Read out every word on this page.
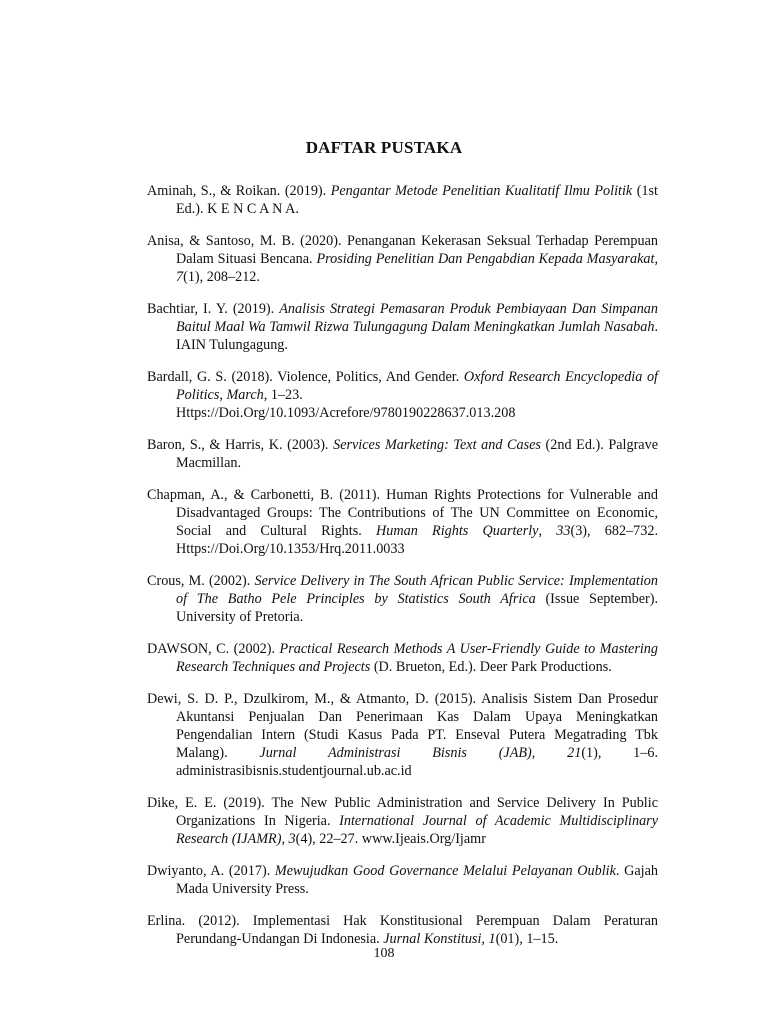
DAFTAR PUSTAKA

Aminah, S., & Roikan. (2019). Pengantar Metode Penelitian Kualitatif Ilmu Politik (1st Ed.). K E N C A N A.

Anisa, & Santoso, M. B. (2020). Penanganan Kekerasan Seksual Terhadap Perempuan Dalam Situasi Bencana. Prosiding Penelitian Dan Pengabdian Kepada Masyarakat, 7(1), 208–212.

Bachtiar, I. Y. (2019). Analisis Strategi Pemasaran Produk Pembiayaan Dan Simpanan Baitul Maal Wa Tamwil Rizwa Tulungagung Dalam Meningkatkan Jumlah Nasabah. IAIN Tulungagung.

Bardall, G. S. (2018). Violence, Politics, And Gender. Oxford Research Encyclopedia of Politics, March, 1–23.
Https://Doi.Org/10.1093/Acrefore/9780190228637.013.208

Baron, S., & Harris, K. (2003). Services Marketing: Text and Cases (2nd Ed.). Palgrave Macmillan.

Chapman, A., & Carbonetti, B. (2011). Human Rights Protections for Vulnerable and Disadvantaged Groups: The Contributions of The UN Committee on Economic, Social and Cultural Rights. Human Rights Quarterly, 33(3), 682–732. Https://Doi.Org/10.1353/Hrq.2011.0033

Crous, M. (2002). Service Delivery in The South African Public Service: Implementation of The Batho Pele Principles by Statistics South Africa (Issue September). University of Pretoria.

DAWSON, C. (2002). Practical Research Methods A User-Friendly Guide to Mastering Research Techniques and Projects (D. Brueton, Ed.). Deer Park Productions.

Dewi, S. D. P., Dzulkirom, M., & Atmanto, D. (2015). Analisis Sistem Dan Prosedur Akuntansi Penjualan Dan Penerimaan Kas Dalam Upaya Meningkatkan Pengendalian Intern (Studi Kasus Pada PT. Enseval Putera Megatrading Tbk Malang). Jurnal Administrasi Bisnis (JAB), 21(1), 1–6. administrasibisnis.studentjournal.ub.ac.id

Dike, E. E. (2019). The New Public Administration and Service Delivery In Public Organizations In Nigeria. International Journal of Academic Multidisciplinary Research (IJAMR), 3(4), 22–27. www.Ijeais.Org/Ijamr

Dwiyanto, A. (2017). Mewujudkan Good Governance Melalui Pelayanan Oublik. Gajah Mada University Press.

Erlina. (2012). Implementasi Hak Konstitusional Perempuan Dalam Peraturan Perundang-Undangan Di Indonesia. Jurnal Konstitusi, 1(01), 1–15.

108
